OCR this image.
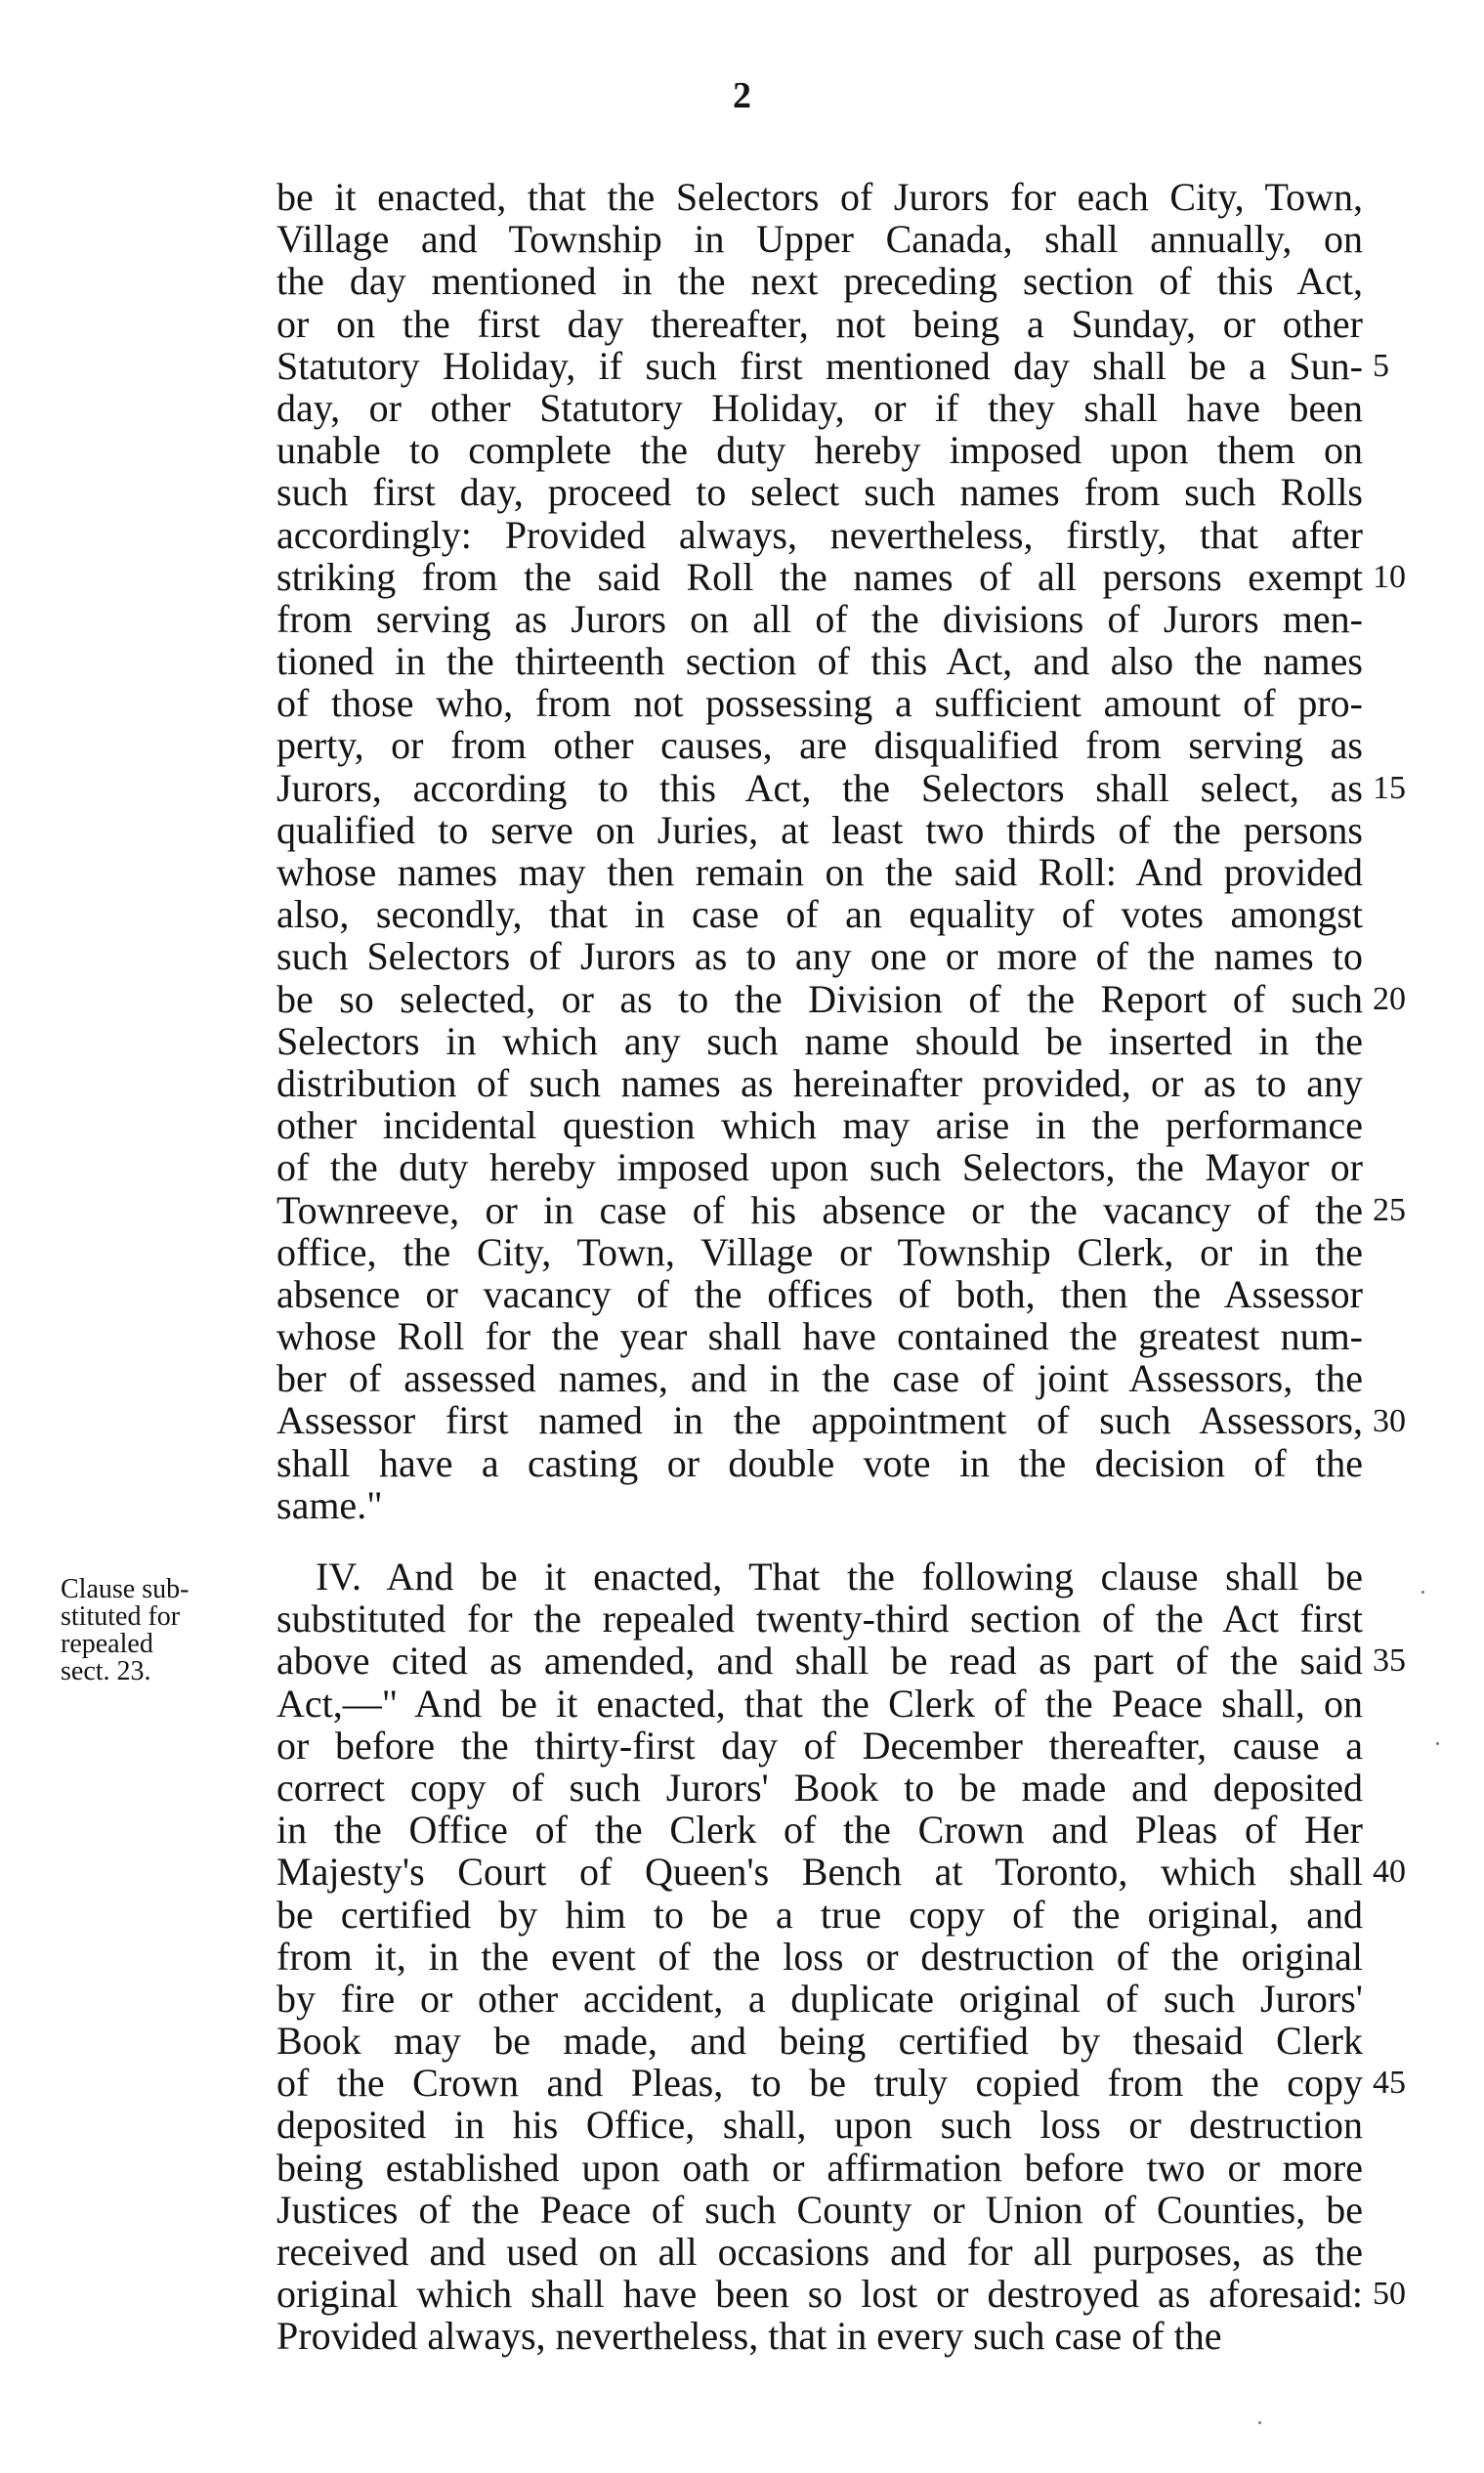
2
be it enacted, that the Selectors of Jurors for each City, Town,
Village and Township in Upper Canada, shall annually, on
the day mentioned in the next preceding section of this Act,
or on the first day thereafter, not being a Sunday, or other
Statutory Holiday, if such first mentioned day shall be a Sun-
day, or other Statutory Holiday, or if they shall have been
unable to complete the duty hereby imposed upon them on
such first day, proceed to select such names from such Rolls
accordingly: Provided always, nevertheless, firstly, that after
striking from the said Roll the names of all persons exempt
from serving as Jurors on all of the divisions of Jurors men-
tioned in the thirteenth section of this Act, and also the names
of those who, from not possessing a sufficient amount of pro-
perty, or from other causes, are disqualified from serving as
Jurors, according to this Act, the Selectors shall select, as
qualified to serve on Juries, at least two thirds of the persons
whose names may then remain on the said Roll: And provided
also, secondly, that in case of an equality of votes amongst
such Selectors of Jurors as to any one or more of the names to
be so selected, or as to the Division of the Report of such
Selectors in which any such name should be inserted in the
distribution of such names as hereinafter provided, or as to any
other incidental question which may arise in the performance
of the duty hereby imposed upon such Selectors, the Mayor or
Townreeve, or in case of his absence or the vacancy of the
office, the City, Town, Village or Township Clerk, or in the
absence or vacancy of the offices of both, then the Assessor
whose Roll for the year shall have contained the greatest num-
ber of assessed names, and in the case of joint Assessors, the
Assessor first named in the appointment of such Assessors,
shall have a casting or double vote in the decision of the
same."
5
10
15
20
25
30
Clause sub-
stituted for
repealed
sect. 23.
IV. And be it enacted, That the following clause shall be
substituted for the repealed twenty-third section of the Act first
above cited as amended, and shall be read as part of the said
Act,—" And be it enacted, that the Clerk of the Peace shall, on
or before the thirty-first day of December thereafter, cause a
correct copy of such Jurors' Book to be made and deposited
in the Office of the Clerk of the Crown and Pleas of Her
Majesty's Court of Queen's Bench at Toronto, which shall
be certified by him to be a true copy of the original, and
from it, in the event of the loss or destruction of the original
by fire or other accident, a duplicate original of such Jurors'
Book may be made, and being certified by thesaid Clerk
of the Crown and Pleas, to be truly copied from the copy
deposited in his Office, shall, upon such loss or destruction
being established upon oath or affirmation before two or more
Justices of the Peace of such County or Union of Counties, be
received and used on all occasions and for all purposes, as the
original which shall have been so lost or destroyed as aforesaid:
Provided always, nevertheless, that in every such case of the
35
40
45
50
